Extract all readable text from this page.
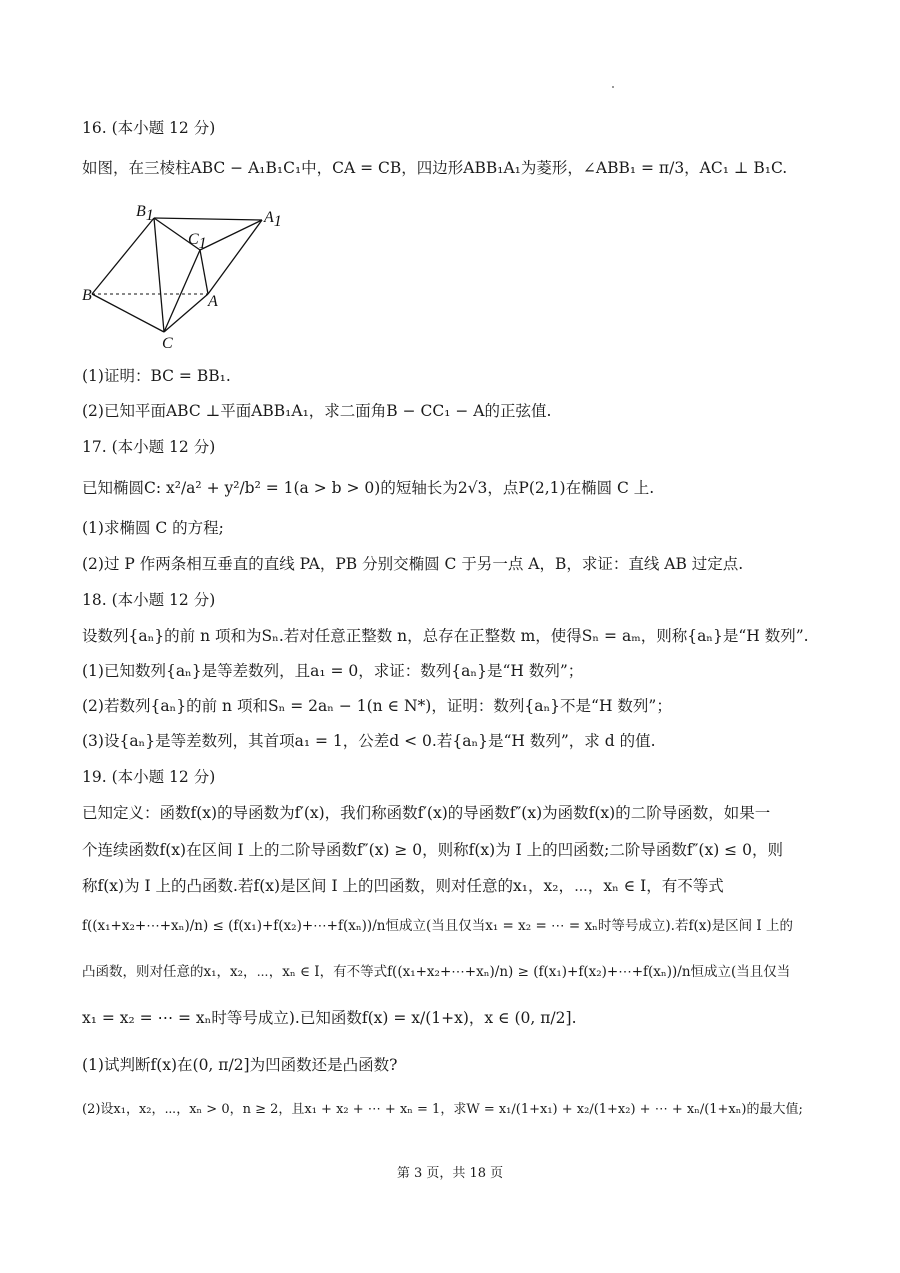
16. (本小题 12 分)
如图，在三棱柱ABC − A₁B₁C₁中，CA = CB，四边形ABB₁A₁为菱形，∠ABB₁ = π/3，AC₁ ⊥ B₁C.
B1
C1
A1
B	A
C
(1)证明：BC = BB₁.
(2)已知平面ABC ⊥平面ABB₁A₁，求二面角B − CC₁ − A的正弦值.
17. (本小题 12 分)
已知椭圆C: x²/a² + y²/b² = 1(a > b > 0)的短轴长为2√3，点P(2,1)在椭圆 C 上.
(1)求椭圆 C 的方程;
(2)过 P 作两条相互垂直的直线 PA，PB 分别交椭圆 C 于另一点 A，B，求证：直线 AB 过定点.
18. (本小题 12 分)
设数列{aₙ}的前 n 项和为Sₙ.若对任意正整数 n，总存在正整数 m，使得Sₙ = aₘ，则称{aₙ}是“H 数列”.
(1)已知数列{aₙ}是等差数列，且a₁ = 0，求证：数列{aₙ}是“H 数列”；
(2)若数列{aₙ}的前 n 项和Sₙ = 2aₙ − 1(n ∈ N*)，证明：数列{aₙ}不是“H 数列”；
(3)设{aₙ}是等差数列，其首项a₁ = 1，公差d < 0.若{aₙ}是“H 数列”，求 d 的值.
19. (本小题 12 分)
已知定义：函数f(x)的导函数为f′(x)，我们称函数f′(x)的导函数f″(x)为函数f(x)的二阶导函数，如果一
个连续函数f(x)在区间 I 上的二阶导函数f″(x) ≥ 0，则称f(x)为 I 上的凹函数;二阶导函数f″(x) ≤ 0，则
称f(x)为 I 上的凸函数.若f(x)是区间 I 上的凹函数，则对任意的x₁，x₂，⋯，xₙ ∈ I，有不等式
f((x₁+x₂+⋯+xₙ)/n) ≤ (f(x₁)+f(x₂)+⋯+f(xₙ))/n恒成立(当且仅当x₁ = x₂ = ⋯ = xₙ时等号成立).若f(x)是区间 I 上的
凸函数，则对任意的x₁，x₂，⋯，xₙ ∈ I，有不等式f((x₁+x₂+⋯+xₙ)/n) ≥ (f(x₁)+f(x₂)+⋯+f(xₙ))/n恒成立(当且仅当
x₁ = x₂ = ⋯ = xₙ时等号成立).已知函数f(x) = x/(1+x)，x ∈ (0, π/2].
(1)试判断f(x)在(0, π/2]为凹函数还是凸函数?
(2)设x₁，x₂，⋯，xₙ > 0，n ≥ 2，且x₁ + x₂ + ⋯ + xₙ = 1，求W = x₁/(1+x₁) + x₂/(1+x₂) + ⋯ + xₙ/(1+xₙ)的最大值;
第 3 页，共 18 页
